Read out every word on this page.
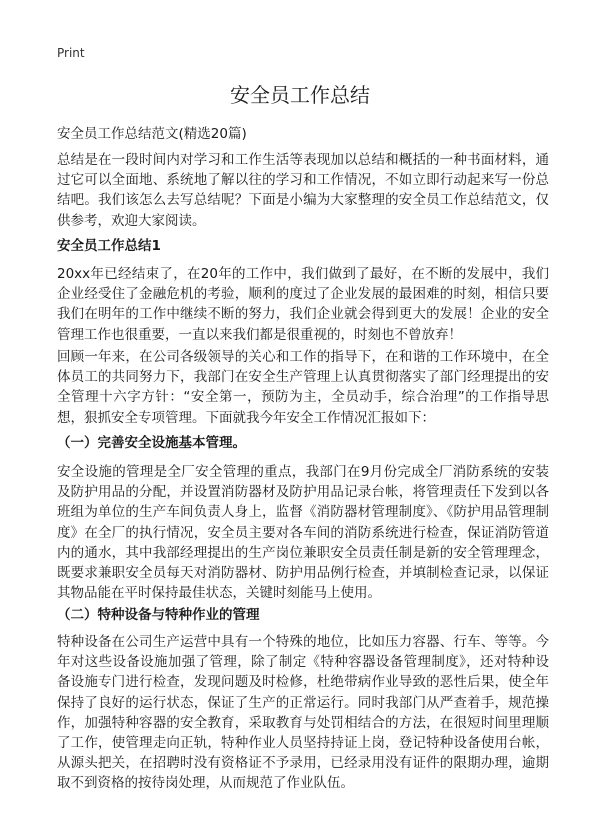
Print
安全员工作总结

安全员工作总结范文(精选20篇)

总结是在一段时间内对学习和工作生活等表现加以总结和概括的一种书面材料，通过它可以全面地、系统地了解以往的学习和工作情况，不如立即行动起来写一份总结吧。我们该怎么去写总结呢？下面是小编为大家整理的安全员工作总结范文，仅供参考，欢迎大家阅读。

安全员工作总结1

20xx年已经结束了，在20年的工作中，我们做到了最好，在不断的发展中，我们企业经受住了金融危机的考验，顺利的度过了企业发展的最困难的时刻，相信只要我们在明年的工作中继续不断的努力，我们企业就会得到更大的发展！企业的安全管理工作也很重要，一直以来我们都是很重视的，时刻也不曾放弃！

回顾一年来，在公司各级领导的关心和工作的指导下，在和谐的工作环境中，在全体员工的共同努力下，我部门在安全生产管理上认真贯彻落实了部门经理提出的安全管理十六字方针：“安全第一，预防为主，全员动手，综合治理”的工作指导思想，狠抓安全专项管理。下面就我今年安全工作情况汇报如下：

（一）完善安全设施基本管理。

安全设施的管理是全厂安全管理的重点，我部门在9月份完成全厂消防系统的安装及防护用品的分配，并设置消防器材及防护用品记录台帐，将管理责任下发到以各班组为单位的生产车间负责人身上，监督《消防器材管理制度》、《防护用品管理制度》在全厂的执行情况，安全员主要对各车间的消防系统进行检查，保证消防管道内的通水，其中我部经理提出的生产岗位兼职安全员责任制是新的安全管理理念，既要求兼职安全员每天对消防器材、防护用品例行检查，并填制检查记录，以保证其物品能在平时保持最佳状态，关键时刻能马上使用。

（二）特种设备与特种作业的管理

特种设备在公司生产运营中具有一个特殊的地位，比如压力容器、行车、等等。今年对这些设备设施加强了管理，除了制定《特种容器设备管理制度》，还对特种设备设施专门进行检查，发现问题及时检修，杜绝带病作业导致的恶性后果，使全年保持了良好的运行状态，保证了生产的正常运行。同时我部门从严查着手，规范操作，加强特种容器的安全教育，采取教育与处罚相结合的方法，在很短时间里理顺了工作，使管理走向正轨，特种作业人员坚持持证上岗，登记特种设备使用台帐，从源头把关，在招聘时没有资格证不予录用，已经录用没有证件的限期办理，逾期取不到资格的按待岗处理，从而规范了作业队伍。
